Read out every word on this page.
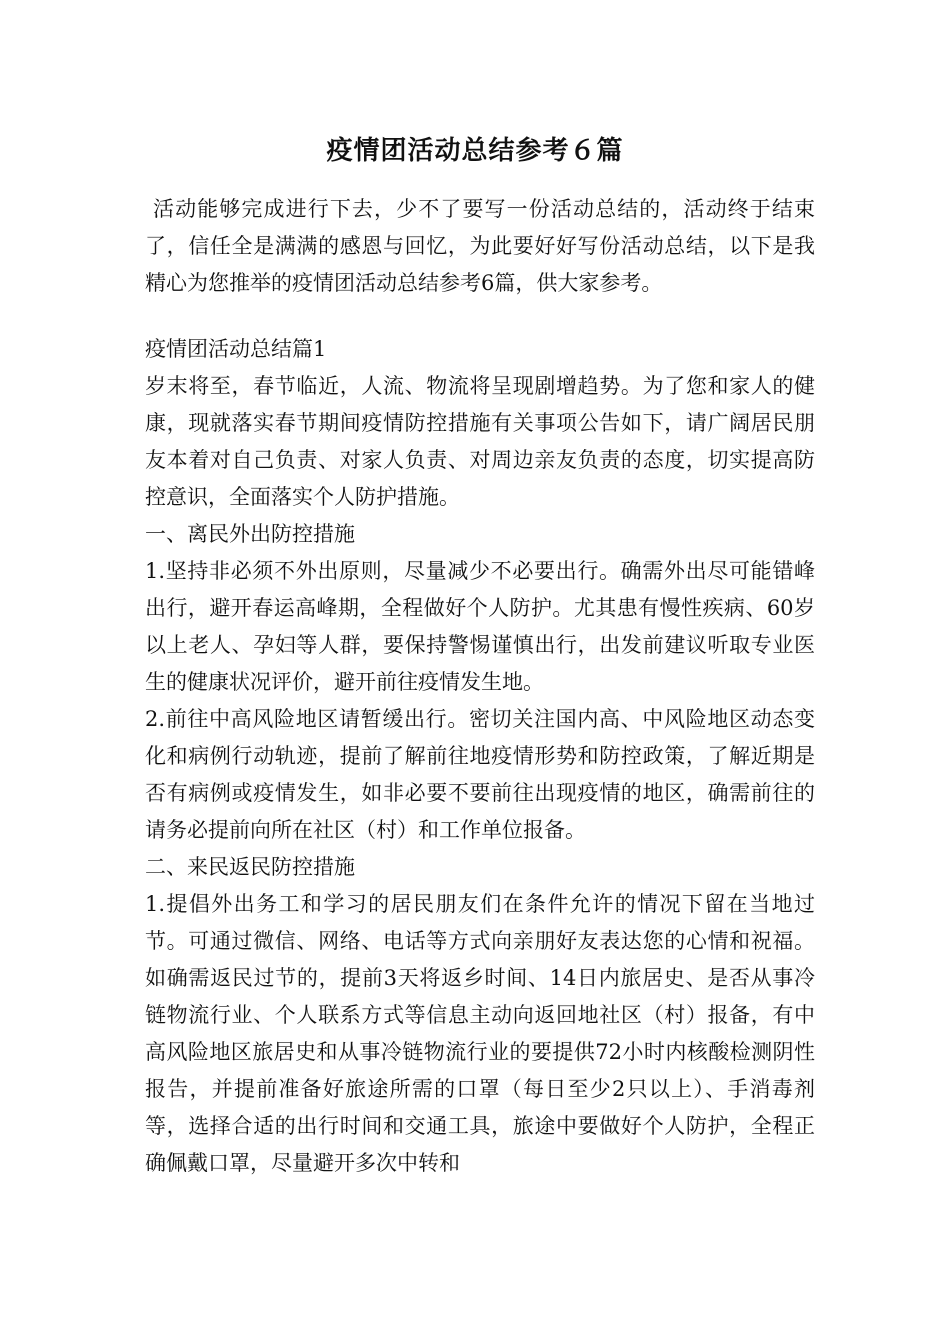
疫情团活动总结参考６篇

活动能够完成进行下去，少不了要写一份活动总结的，活动终于结束了，信任全是满满的感恩与回忆，为此要好好写份活动总结，以下是我精心为您推举的疫情团活动总结参考6篇，供大家参考。

疫情团活动总结篇1

岁末将至，春节临近，人流、物流将呈现剧增趋势。为了您和家人的健康，现就落实春节期间疫情防控措施有关事项公告如下，请广阔居民朋友本着对自己负责、对家人负责、对周边亲友负责的态度，切实提高防控意识，全面落实个人防护措施。

一、离民外出防控措施

1.坚持非必须不外出原则，尽量减少不必要出行。确需外出尽可能错峰出行，避开春运高峰期，全程做好个人防护。尤其患有慢性疾病、60岁以上老人、孕妇等人群，要保持警惕谨慎出行，出发前建议听取专业医生的健康状况评价，避开前往疫情发生地。

2.前往中高风险地区请暂缓出行。密切关注国内高、中风险地区动态变化和病例行动轨迹，提前了解前往地疫情形势和防控政策，了解近期是否有病例或疫情发生，如非必要不要前往出现疫情的地区，确需前往的请务必提前向所在社区（村）和工作单位报备。

二、来民返民防控措施

1.提倡外出务工和学习的居民朋友们在条件允许的情况下留在当地过节。可通过微信、网络、电话等方式向亲朋好友表达您的心情和祝福。如确需返民过节的，提前3天将返乡时间、14日内旅居史、是否从事冷链物流行业、个人联系方式等信息主动向返回地社区（村）报备，有中高风险地区旅居史和从事冷链物流行业的要提供72小时内核酸检测阴性报告，并提前准备好旅途所需的口罩（每日至少2只以上）、手消毒剂等，选择合适的出行时间和交通工具，旅途中要做好个人防护，全程正确佩戴口罩，尽量避开多次中转和
